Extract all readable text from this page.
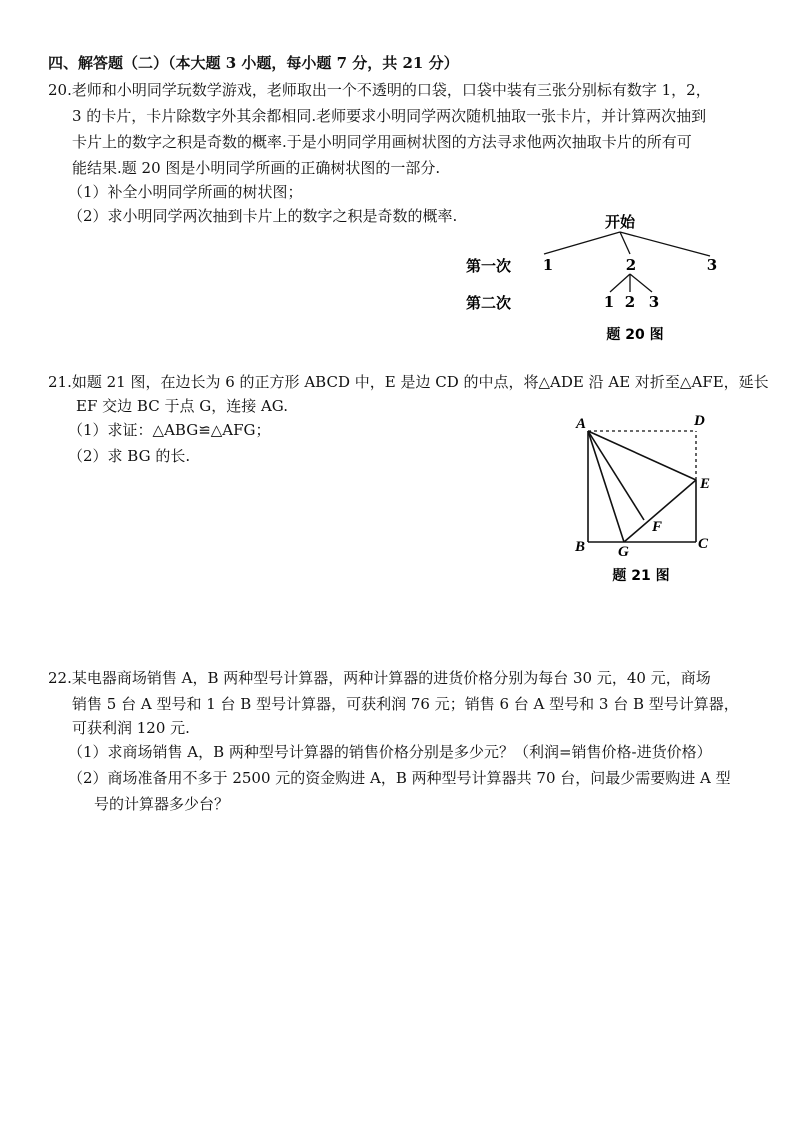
四、解答题（二）（本大题 3 小题，每小题 7 分，共 21 分）
20.老师和小明同学玩数学游戏，老师取出一个不透明的口袋，口袋中装有三张分别标有数字 1，2，
3 的卡片，卡片除数字外其余都相同.老师要求小明同学两次随机抽取一张卡片，并计算两次抽到
卡片上的数字之积是奇数的概率.于是小明同学用画树状图的方法寻求他两次抽取卡片的所有可
能结果.题 20 图是小明同学所画的正确树状图的一部分.
（1）补全小明同学所画的树状图；
（2）求小明同学两次抽到卡片上的数字之积是奇数的概率.	开始
第一次 1	2	3
第二次	1 2 3
题 20 图
21.如题 21 图，在边长为 6 的正方形 ABCD 中，E 是边 CD 的中点，将△ADE 沿 AE 对折至△AFE，延长
EF 交边 BC 于点 G，连接 AG.
（1）求证：△ABG≌△AFG；
（2）求 BG 的长.
A	D
E
F
B G	C
题 21 图
22.某电器商场销售 A，B 两种型号计算器，两种计算器的进货价格分别为每台 30 元，40 元，商场
销售 5 台 A 型号和 1 台 B 型号计算器，可获利润 76 元；销售 6 台 A 型号和 3 台 B 型号计算器，
可获利润 120 元.
（1）求商场销售 A，B 两种型号计算器的销售价格分别是多少元？（利润=销售价格-进货价格）
（2）商场准备用不多于 2500 元的资金购进 A，B 两种型号计算器共 70 台，问最少需要购进 A 型
号的计算器多少台？
